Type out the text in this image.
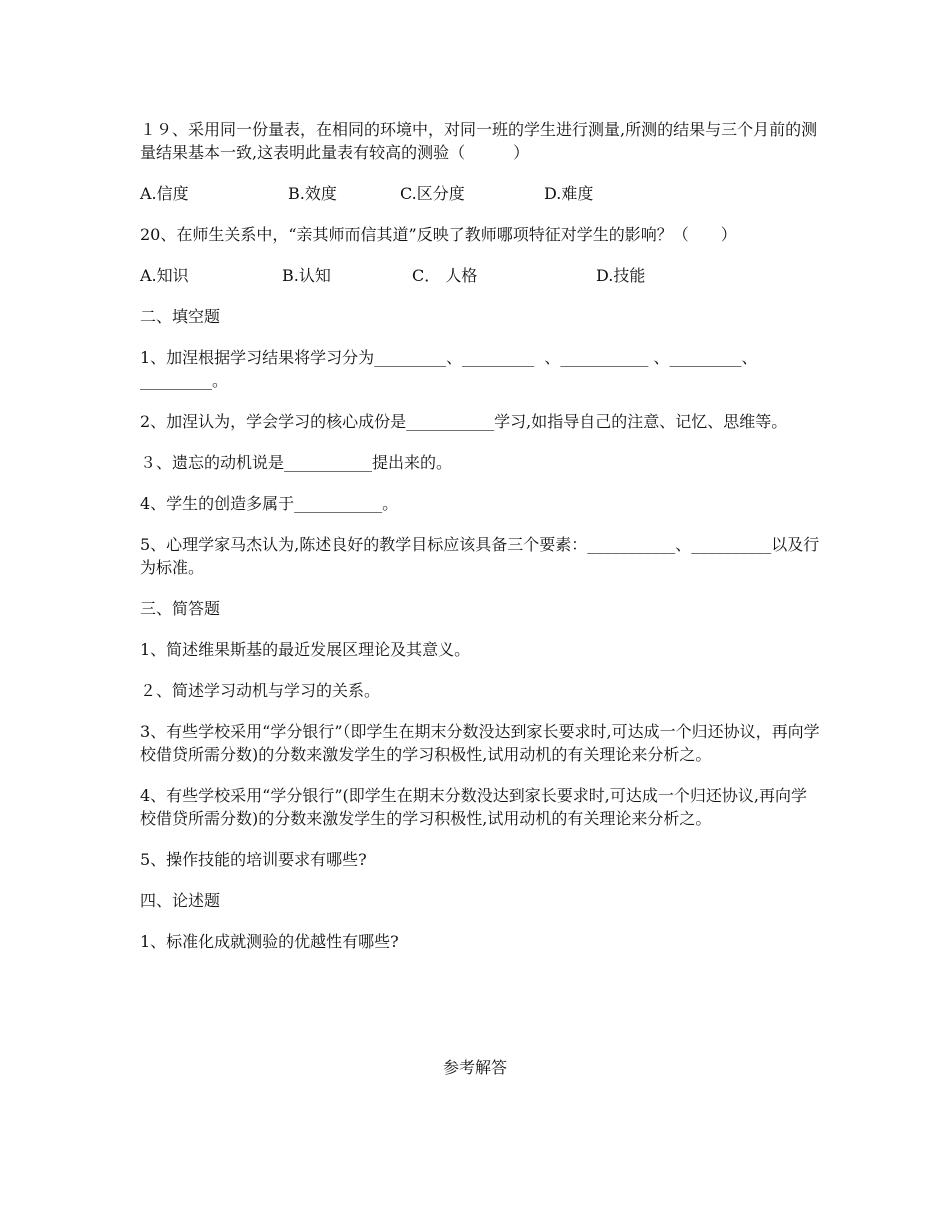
１９、采用同一份量表，在相同的环境中，对同一班的学生进行测量,所测的结果与三个月前的测量结果基本一致,这表明此量表有较高的测验（　　　）

A.信度	B.效度	C.区分度	D.难度

20、在师生关系中，“亲其师而信其道”反映了教师哪项特征对学生的影响？（　　）

A.知识	B.认知	C． 人格	D.技能

二、填空题

1、加涅根据学习结果将学习分为_________、_________  、___________ 、_________、_________。

2、加涅认为，学会学习的核心成份是___________学习,如指导自己的注意、记忆、思维等。

３、遗忘的动机说是___________提出来的。

4、学生的创造多属于___________。

5、心理学家马杰认为,陈述良好的教学目标应该具备三个要素：___________、__________以及行为标准。

三、简答题

1、简述维果斯基的最近发展区理论及其意义。

２、简述学习动机与学习的关系。

3、有些学校采用“学分银行”（即学生在期末分数没达到家长要求时,可达成一个归还协议，再向学校借贷所需分数)的分数来激发学生的学习积极性,试用动机的有关理论来分析之。

4、有些学校采用“学分银行”(即学生在期末分数没达到家长要求时,可达成一个归还协议,再向学校借贷所需分数)的分数来激发学生的学习积极性,试用动机的有关理论来分析之。

5、操作技能的培训要求有哪些?

四、论述题

1、标准化成就测验的优越性有哪些?

参考解答
